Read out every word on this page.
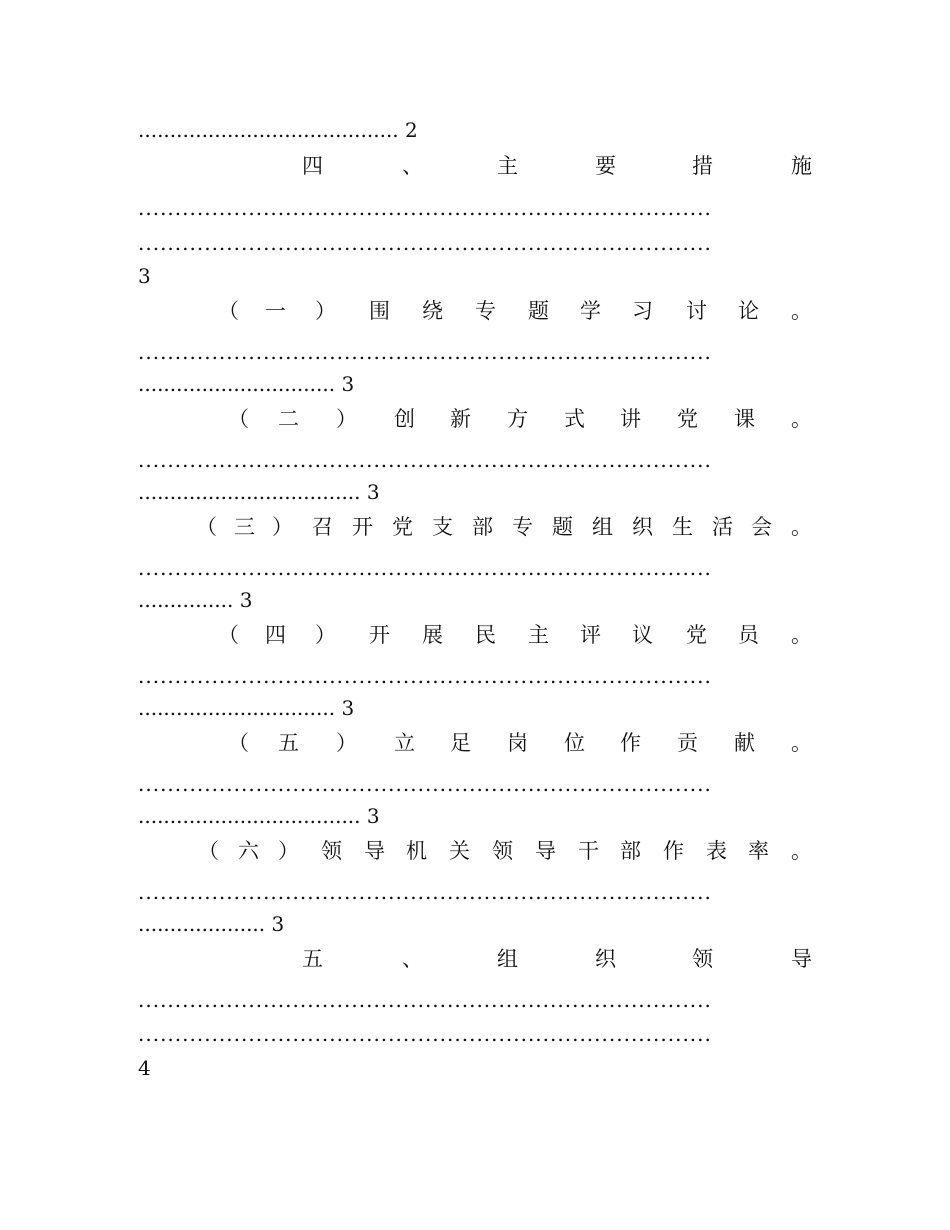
......................................... 2
四	、	主	要	措	施
..............................................................................
..............................................................................
3
（ 一 ） 围 绕 专 题 学 习 讨 论 。
..............................................................................
............................... 3
（ 二 ） 创 新 方 式 讲 党 课 。
..............................................................................
................................... 3
（ 三 ） 召 开 党 支 部 专 题 组 织 生 活 会 。
..............................................................................
............... 3
（ 四 ） 开 展 民 主 评 议 党 员 。
..............................................................................
............................... 3
（ 五 ） 立 足 岗 位 作 贡 献 。
..............................................................................
................................... 3
（ 六 ） 领 导 机 关 领 导 干 部 作 表 率 。
..............................................................................
.................... 3
五	、	组	织	领	导
..............................................................................
..............................................................................
4
